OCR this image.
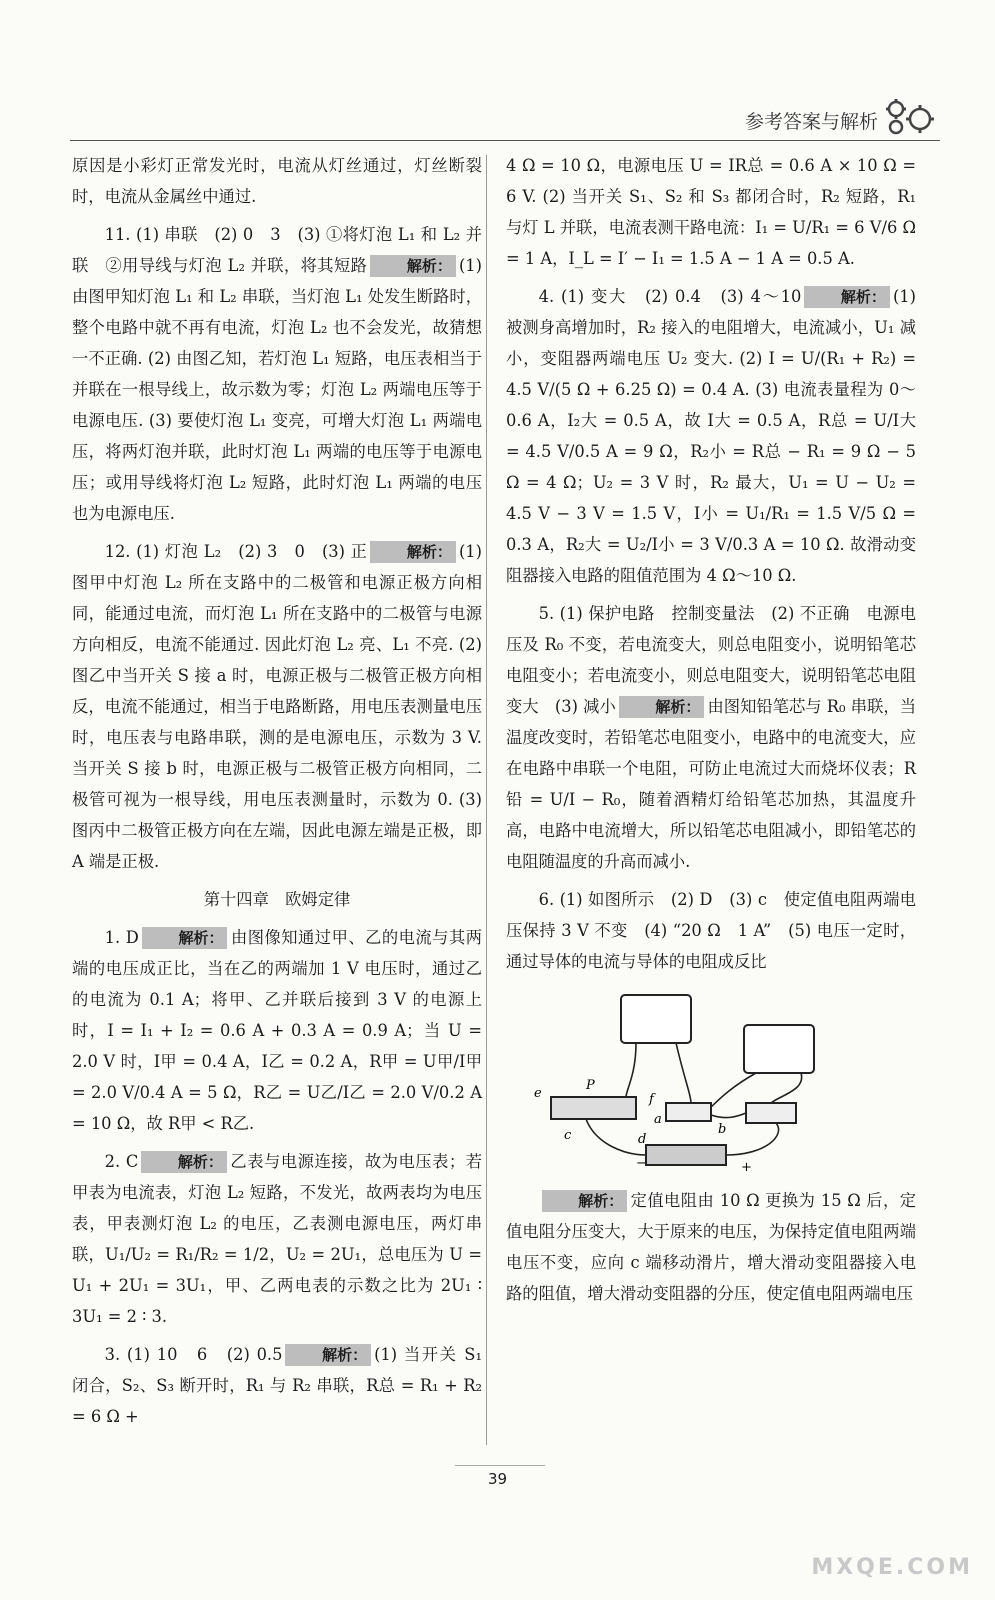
参考答案与解析

原因是小彩灯正常发光时，电流从灯丝通过，灯丝断裂时，电流从金属丝中通过.

11. (1) 串联　(2) 0　3　(3) ①将灯泡 L₁ 和 L₂ 并联　②用导线与灯泡 L₂ 并联，将其短路	解析： (1) 由图甲知灯泡 L₁ 和 L₂ 串联，当灯泡 L₁ 处发生断路时，整个电路中就不再有电流，灯泡 L₂ 也不会发光，故猜想一不正确. (2) 由图乙知，若灯泡 L₁ 短路，电压表相当于并联在一根导线上，故示数为零；灯泡 L₂ 两端电压等于电源电压. (3) 要使灯泡 L₁ 变亮，可增大灯泡 L₁ 两端电压，将两灯泡并联，此时灯泡 L₁ 两端的电压等于电源电压；或用导线将灯泡 L₂ 短路，此时灯泡 L₁ 两端的电压也为电源电压.

12. (1) 灯泡 L₂　(2) 3　0　(3) 正	解析： (1) 图甲中灯泡 L₂ 所在支路中的二极管和电源正极方向相同，能通过电流，而灯泡 L₁ 所在支路中的二极管与电源方向相反，电流不能通过. 因此灯泡 L₂ 亮、L₁ 不亮. (2) 图乙中当开关 S 接 a 时，电源正极与二极管正极方向相反，电流不能通过，相当于电路断路，用电压表测量电压时，电压表与电路串联，测的是电源电压，示数为 3 V. 当开关 S 接 b 时，电源正极与二极管正极方向相同，二极管可视为一根导线，用电压表测量时，示数为 0. (3) 图丙中二极管正极方向在左端，因此电源左端是正极，即 A 端是正极.

第十四章　欧姆定律

1. D	解析： 由图像知通过甲、乙的电流与其两端的电压成正比，当在乙的两端加 1 V 电压时，通过乙的电流为 0.1 A；将甲、乙并联后接到 3 V 的电源上时，I = I₁ + I₂ = 0.6 A + 0.3 A = 0.9 A；当 U = 2.0 V 时，I甲 = 0.4 A，I乙 = 0.2 A，R甲 = U甲/I甲 = 2.0 V/0.4 A = 5 Ω，R乙 = U乙/I乙 = 2.0 V/0.2 A = 10 Ω，故 R甲 < R乙.

2. C	解析： 乙表与电源连接，故为电压表；若甲表为电流表，灯泡 L₂ 短路，不发光，故两表均为电压表，甲表测灯泡 L₂ 的电压，乙表测电源电压，两灯串联，U₁/U₂ = R₁/R₂ = 1/2，U₂ = 2U₁，总电压为 U = U₁ + 2U₁ = 3U₁，甲、乙两电表的示数之比为 2U₁ ∶ 3U₁ = 2 ∶ 3.

3. (1) 10　6　(2) 0.5	解析： (1) 当开关 S₁ 闭合，S₂、S₃ 断开时，R₁ 与 R₂ 串联，R总 = R₁ + R₂ = 6 Ω +

4 Ω = 10 Ω，电源电压 U = IR总 = 0.6 A × 10 Ω = 6 V. (2) 当开关 S₁、S₂ 和 S₃ 都闭合时，R₂ 短路，R₁ 与灯 L 并联，电流表测干路电流：I₁ = U/R₁ = 6 V/6 Ω = 1 A，I_L = I′ − I₁ = 1.5 A − 1 A = 0.5 A.

4. (1) 变大　(2) 0.4　(3) 4～10	解析： (1) 被测身高增加时，R₂ 接入的电阻增大，电流减小，U₁ 减小，变阻器两端电压 U₂ 变大. (2) I = U/(R₁ + R₂) = 4.5 V/(5 Ω + 6.25 Ω) = 0.4 A. (3) 电流表量程为 0～0.6 A，I₂大 = 0.5 A，故 I大 = 0.5 A，R总 = U/I大 = 4.5 V/0.5 A = 9 Ω，R₂小 = R总 − R₁ = 9 Ω − 5 Ω = 4 Ω；U₂ = 3 V 时，R₂ 最大，U₁ = U − U₂ = 4.5 V − 3 V = 1.5 V，I小 = U₁/R₁ = 1.5 V/5 Ω = 0.3 A，R₂大 = U₂/I小 = 3 V/0.3 A = 10 Ω. 故滑动变阻器接入电路的阻值范围为 4 Ω～10 Ω.

5. (1) 保护电路　控制变量法　(2) 不正确　电源电压及 R₀ 不变，若电流变大，则总电阻变小，说明铅笔芯电阻变小；若电流变小，则总电阻变大，说明铅笔芯电阻变大　(3) 减小	解析： 由图知铅笔芯与 R₀ 串联，当温度改变时，若铅笔芯电阻变小，电路中的电流变大，应在电路中串联一个电阻，可防止电流过大而烧坏仪表；R铅 = U/I − R₀，随着酒精灯给铅笔芯加热，其温度升高，电路中电流增大，所以铅笔芯电阻减小，即铅笔芯的电阻随温度的升高而减小.

6. (1) 如图所示　(2) D　(3) c　使定值电阻两端电压保持 3 V 不变　(4) “20 Ω　1 A”　(5) 电压一定时，通过导体的电流与导体的电阻成反比

e
P
f
a
b
c	d
−	+

解析： 定值电阻由 10 Ω 更换为 15 Ω 后，定值电阻分压变大，大于原来的电压，为保持定值电阻两端电压不变，应向 c 端移动滑片，增大滑动变阻器接入电路的阻值，增大滑动变阻器的分压，使定值电阻两端电压

39
MXQE.COM
